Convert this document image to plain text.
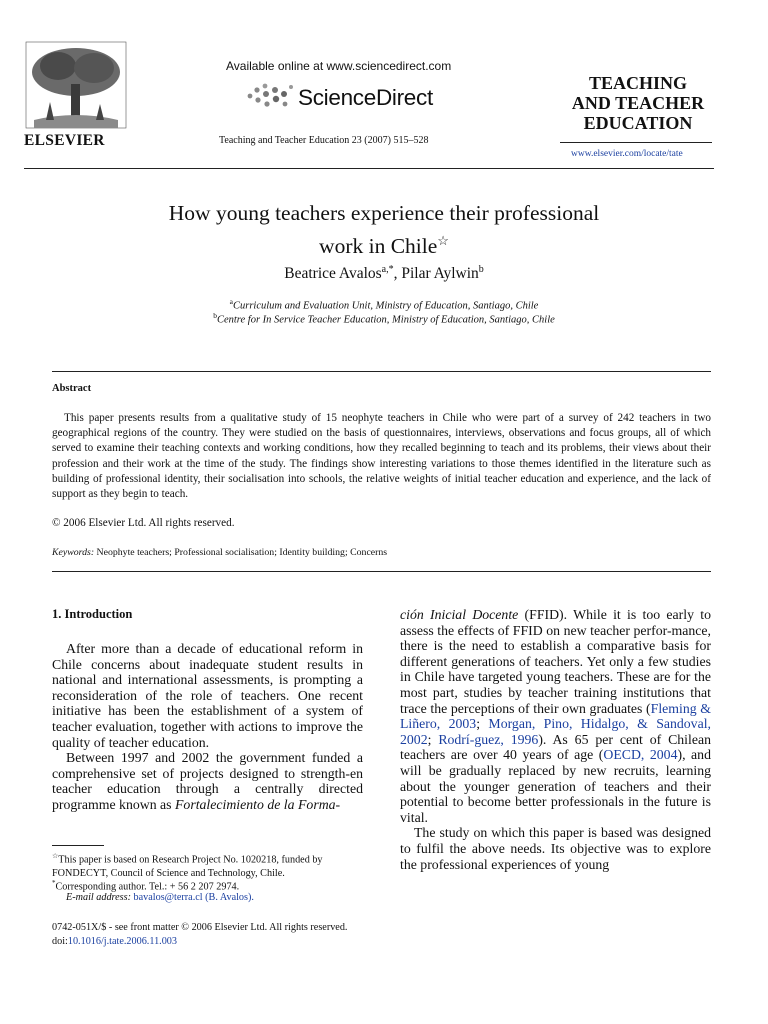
ELSEVIER
Available online at www.sciencedirect.com
ScienceDirect
Teaching and Teacher Education 23 (2007) 515–528
TEACHING
AND TEACHER
EDUCATION
www.elsevier.com/locate/tate
How young teachers experience their professional
work in Chile☆
Beatrice Avalos$^{a,*}$, Pilar Aylwin$^b$
$^a$Curriculum and Evaluation Unit, Ministry of Education, Santiago, Chile
$^b$Centre for In Service Teacher Education, Ministry of Education, Santiago, Chile
Abstract
This paper presents results from a qualitative study of 15 neophyte teachers in Chile who were part of a survey of 242 teachers in two geographical regions of the country. They were studied on the basis of questionnaires, interviews, observations and focus groups, all of which served to examine their teaching contexts and working conditions, how they recalled beginning to teach and its problems, their views about their profession and their work at the time of the study. The findings show interesting variations to those themes identified in the literature such as building of professional identity, their socialisation into schools, the relative weights of initial teacher education and experience, and the lack of support as they begin to teach.
© 2006 Elsevier Ltd. All rights reserved.
Keywords: Neophyte teachers; Professional socialisation; Identity building; Concerns
1. Introduction

After more than a decade of educational reform in Chile concerns about inadequate student results in national and international assessments, is prompting a reconsideration of the role of teachers. One recent initiative has been the establishment of a system of teacher evaluation, together with actions to improve the quality of teacher education.

Between 1997 and 2002 the government funded a comprehensive set of projects designed to strength-en teacher education through a centrally directed programme known as Fortalecimiento de la Forma-

ción Inicial Docente (FFID). While it is too early to assess the effects of FFID on new teacher perfor-mance, there is the need to establish a comparative basis for different generations of teachers. Yet only a few studies in Chile have targeted young teachers. These are for the most part, studies by teacher training institutions that trace the perceptions of their own graduates (Fleming & Liñero, 2003; Morgan, Pino, Hidalgo, & Sandoval, 2002; Rodrí-guez, 1996). As 65 per cent of Chilean teachers are over 40 years of age (OECD, 2004), and will be gradually replaced by new recruits, learning about the younger generation of teachers and their potential to become better professionals in the future is vital.

The study on which this paper is based was designed to fulfil the above needs. Its objective was to explore the professional experiences of young

☆This paper is based on Research Project No. 1020218, funded by FONDECYT, Council of Science and Technology, Chile.
*Corresponding author. Tel.: + 56 2 207 2974.
E-mail address: bavalos@terra.cl (B. Avalos).
0742-051X/$ - see front matter © 2006 Elsevier Ltd. All rights reserved.
doi:10.1016/j.tate.2006.11.003
